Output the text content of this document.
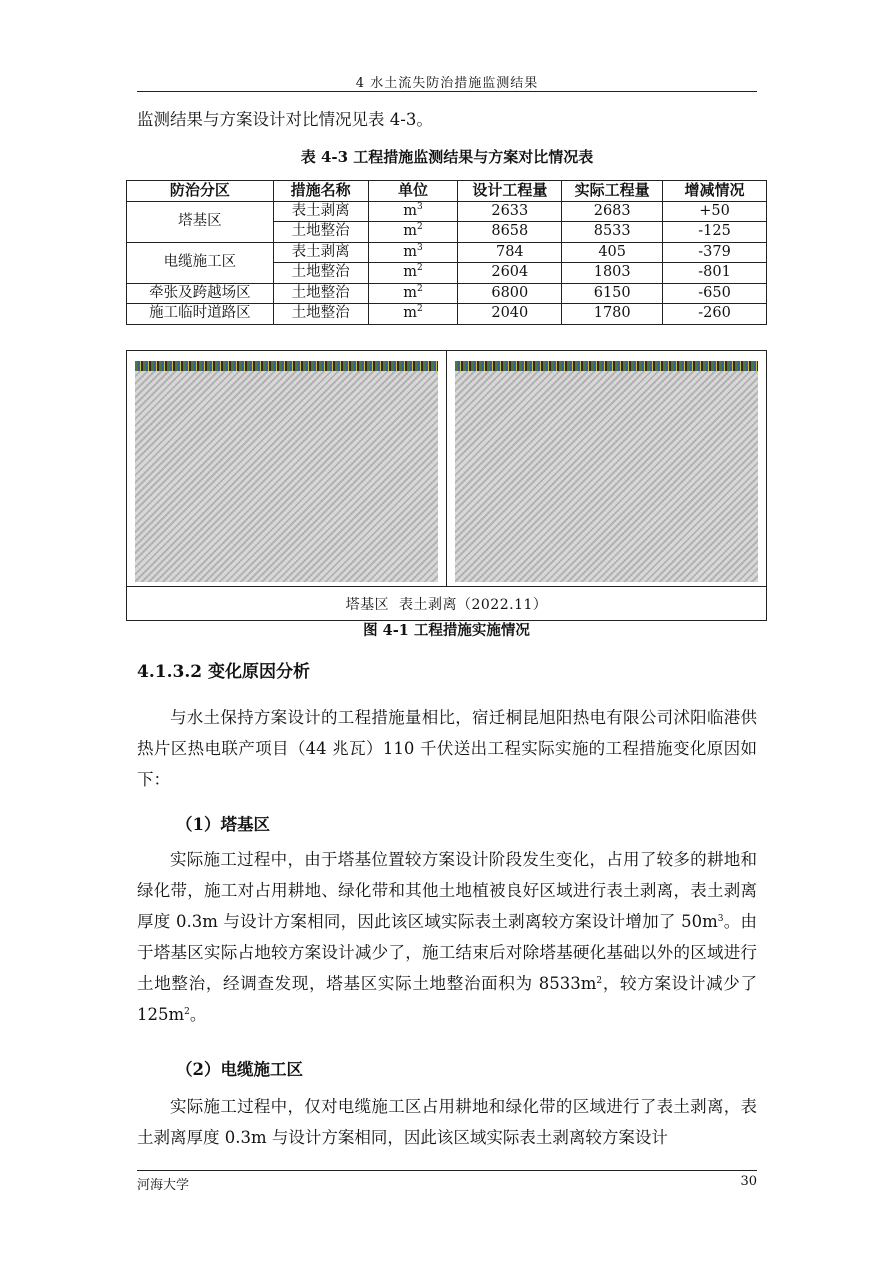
4 水土流失防治措施监测结果
监测结果与方案设计对比情况见表 4-3。
表 4-3 工程措施监测结果与方案对比情况表
防治分区	措施名称	单位	设计工程量	实际工程量	增减情况
塔基区	表土剥离	$m^3$	2633	2683	+50
	土地整治	$m^2$	8658	8533	-125
电缆施工区	表土剥离	$m^3$	784	405	-379
	土地整治	$m^2$	2604	1803	-801
牵张及跨越场区	土地整治	$m^2$	6800	6150	-650
施工临时道路区	土地整治	$m^2$	2040	1780	-260
塔基区  表土剥离（2022.11）
图 4-1 工程措施实施情况
4.1.3.2 变化原因分析
与水土保持方案设计的工程措施量相比，宿迁桐昆旭阳热电有限公司沭阳临港供热片区热电联产项目（44 兆瓦）110 千伏送出工程实际实施的工程措施变化原因如下：
（1）塔基区
实际施工过程中，由于塔基位置较方案设计阶段发生变化，占用了较多的耕地和绿化带，施工对占用耕地、绿化带和其他土地植被良好区域进行表土剥离，表土剥离厚度 0.3m 与设计方案相同，因此该区域实际表土剥离较方案设计增加了 $50m^3$。由于塔基区实际占地较方案设计减少了，施工结束后对除塔基硬化基础以外的区域进行土地整治，经调查发现，塔基区实际土地整治面积为 $8533m^2$，较方案设计减少了 $125m^2$。
（2）电缆施工区
实际施工过程中，仅对电缆施工区占用耕地和绿化带的区域进行了表土剥离，表土剥离厚度 0.3m 与设计方案相同，因此该区域实际表土剥离较方案设计
河海大学	30
